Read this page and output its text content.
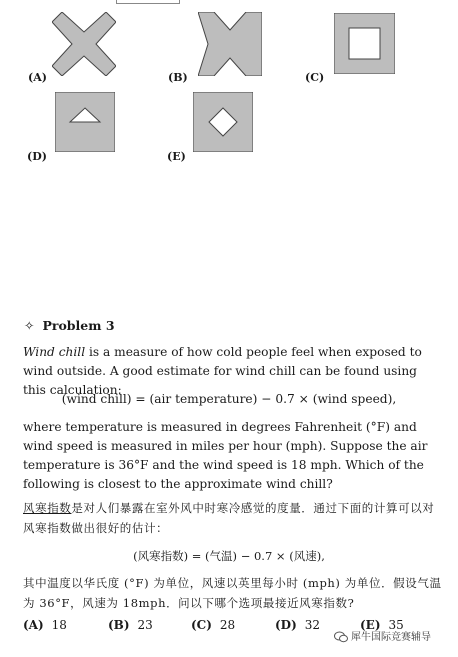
(A)	(B)	(C)
(D)	(E)
✧ Problem 3
Wind chill is a measure of how cold people feel when exposed to wind outside. A good estimate for wind chill can be found using this calculation:
(wind chill) = (air temperature) − 0.7 × (wind speed),
where temperature is measured in degrees Fahrenheit (°F) and wind speed is measured in miles per hour (mph). Suppose the air temperature is 36°F and the wind speed is 18 mph. Which of the following is closest to the approximate wind chill?
风寒指数是对人们暴露在室外风中时寒冷感觉的度量．通过下面的计算可以对风寒指数做出很好的估计：
(风寒指数) = (气温) − 0.7 × (风速),
其中温度以华氏度 (°F) 为单位，风速以英里每小时 (mph) 为单位．假设气温为 36°F，风速为 18mph．问以下哪个选项最接近风寒指数?
(A) 18	(B) 23	(C) 28	(D) 32	(E) 35
犀牛国际竞赛辅导
